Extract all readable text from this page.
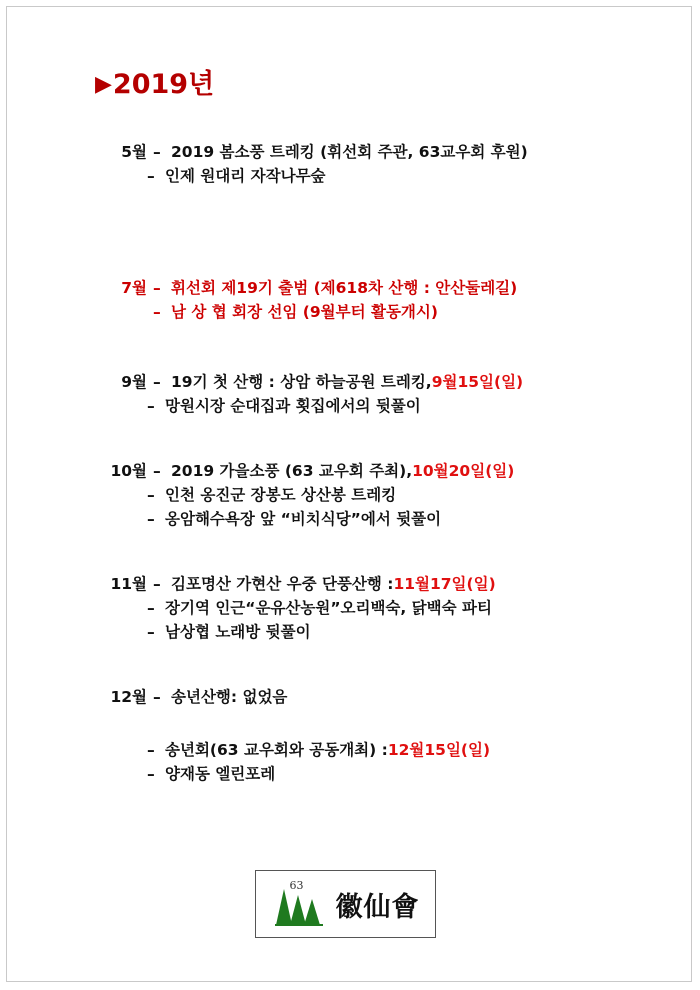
▶2019년
5월 – 2019 봄소풍 트레킹 (휘선회 주관, 63교우회 후원)
– 인제 원대리 자작나무숲
7월 – 휘선회 제19기 출범 (제618차 산행 : 안산둘레길)
– 남 상 협 회장 선임 (9월부터 활동개시)
9월 – 19기 첫 산행 : 상암 하늘공원 트레킹, 9월15일(일)
– 망원시장 순대집과 횟집에서의 뒷풀이
10월 – 2019 가을소풍 (63 교우회 주최), 10월20일(일)
– 인천 옹진군 장봉도 상산봉 트레킹
– 옹암해수욕장 앞 “비치식당”에서 뒷풀이
11월 – 김포명산 가현산 우중 단풍산행 : 11월17일(일)
– 장기역 인근“운유산농원”오리백숙, 닭백숙 파티
– 남상협 노래방 뒷풀이
12월 – 송년산행: 없었음
– 송년회(63 교우회와 공동개최) : 12월15일(일)
– 양재동 엘린포레
63
徽仙會
